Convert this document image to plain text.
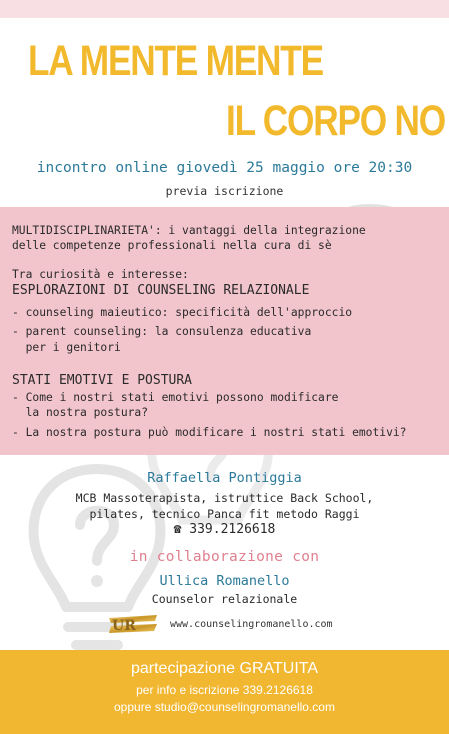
LA MENTE MENTE
IL CORPO NO
incontro online giovedì 25 maggio ore 20:30
previa iscrizione

MULTIDISCIPLINARIETA': i vantaggi della integrazione

delle competenze professionali nella cura di sè

Tra curiosità e interesse:

ESPLORAZIONI DI COUNSELING RELAZIONALE

- counseling maieutico: specificità dell'approccio

- parent counseling: la consulenza educativa

per i genitori

STATI EMOTIVI E POSTURA

- Come i nostri stati emotivi possono modificare

la nostra postura?

- La nostra postura può modificare i nostri stati emotivi?

Raffaella Pontiggia

MCB Massoterapista, istruttice Back School,

pilates, tecnico Panca fit metodo Raggi

☎ 339.2126618

in collaborazione con

Ullica Romanello

Counselor relazionale

UR	www.counselingromanello.com
partecipazione GRATUITA
per info e iscrizione 339.2126618
oppure studio@counselingromanello.com
